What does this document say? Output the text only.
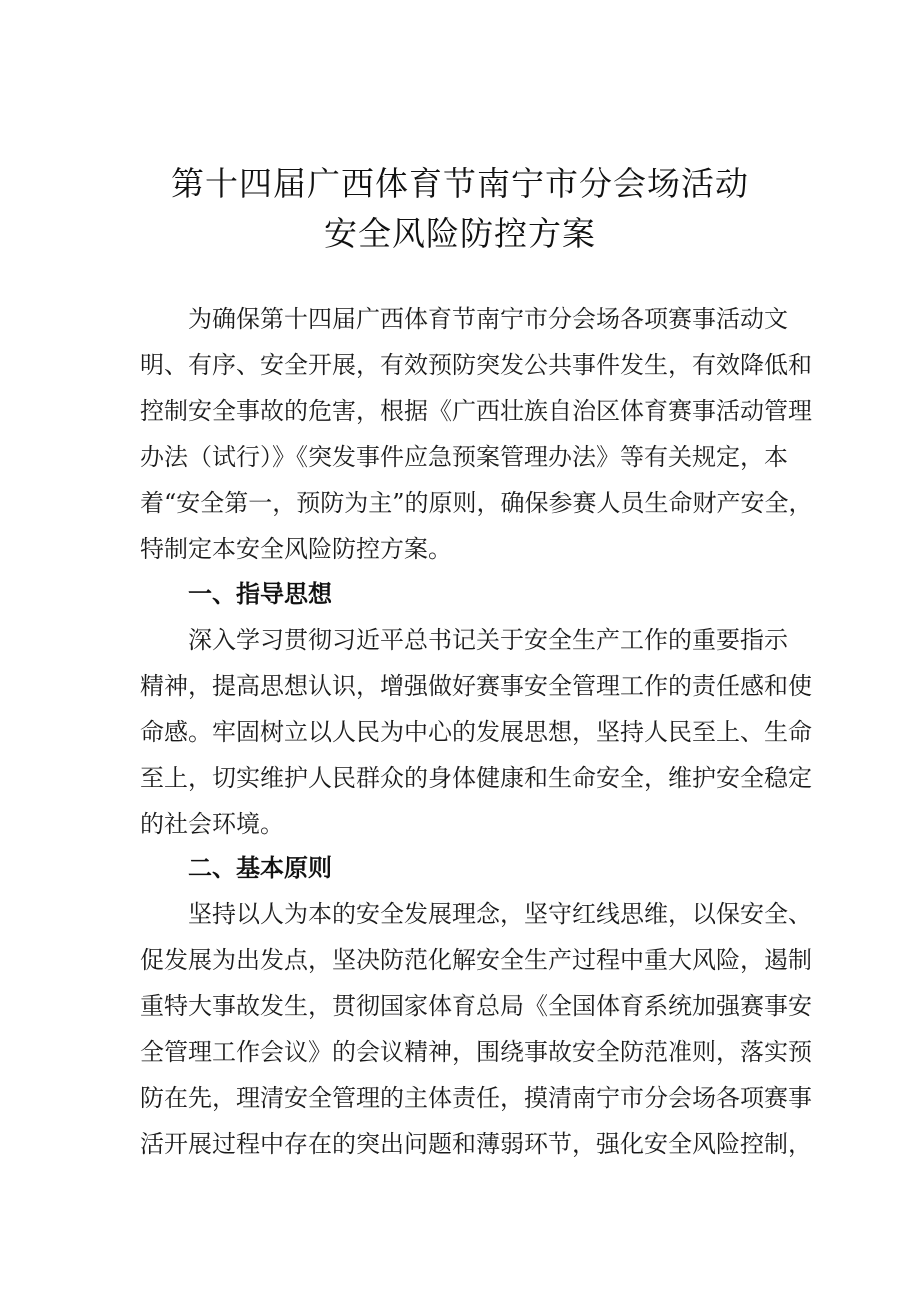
第十四届广西体育节南宁市分会场活动
安全风险防控方案
为确保第十四届广西体育节南宁市分会场各项赛事活动文
明、有序、安全开展，有效预防突发公共事件发生，有效降低和
控制安全事故的危害，根据《广西壮族自治区体育赛事活动管理
办法（试行）》《突发事件应急预案管理办法》等有关规定，本
着“安全第一，预防为主”的原则，确保参赛人员生命财产安全，
特制定本安全风险防控方案。
一、指导思想
深入学习贯彻习近平总书记关于安全生产工作的重要指示
精神，提高思想认识，增强做好赛事安全管理工作的责任感和使
命感。牢固树立以人民为中心的发展思想，坚持人民至上、生命
至上，切实维护人民群众的身体健康和生命安全，维护安全稳定
的社会环境。
二、基本原则
坚持以人为本的安全发展理念，坚守红线思维，以保安全、
促发展为出发点，坚决防范化解安全生产过程中重大风险，遏制
重特大事故发生，贯彻国家体育总局《全国体育系统加强赛事安
全管理工作会议》的会议精神，围绕事故安全防范准则，落实预
防在先，理清安全管理的主体责任，摸清南宁市分会场各项赛事
活开展过程中存在的突出问题和薄弱环节，强化安全风险控制，
